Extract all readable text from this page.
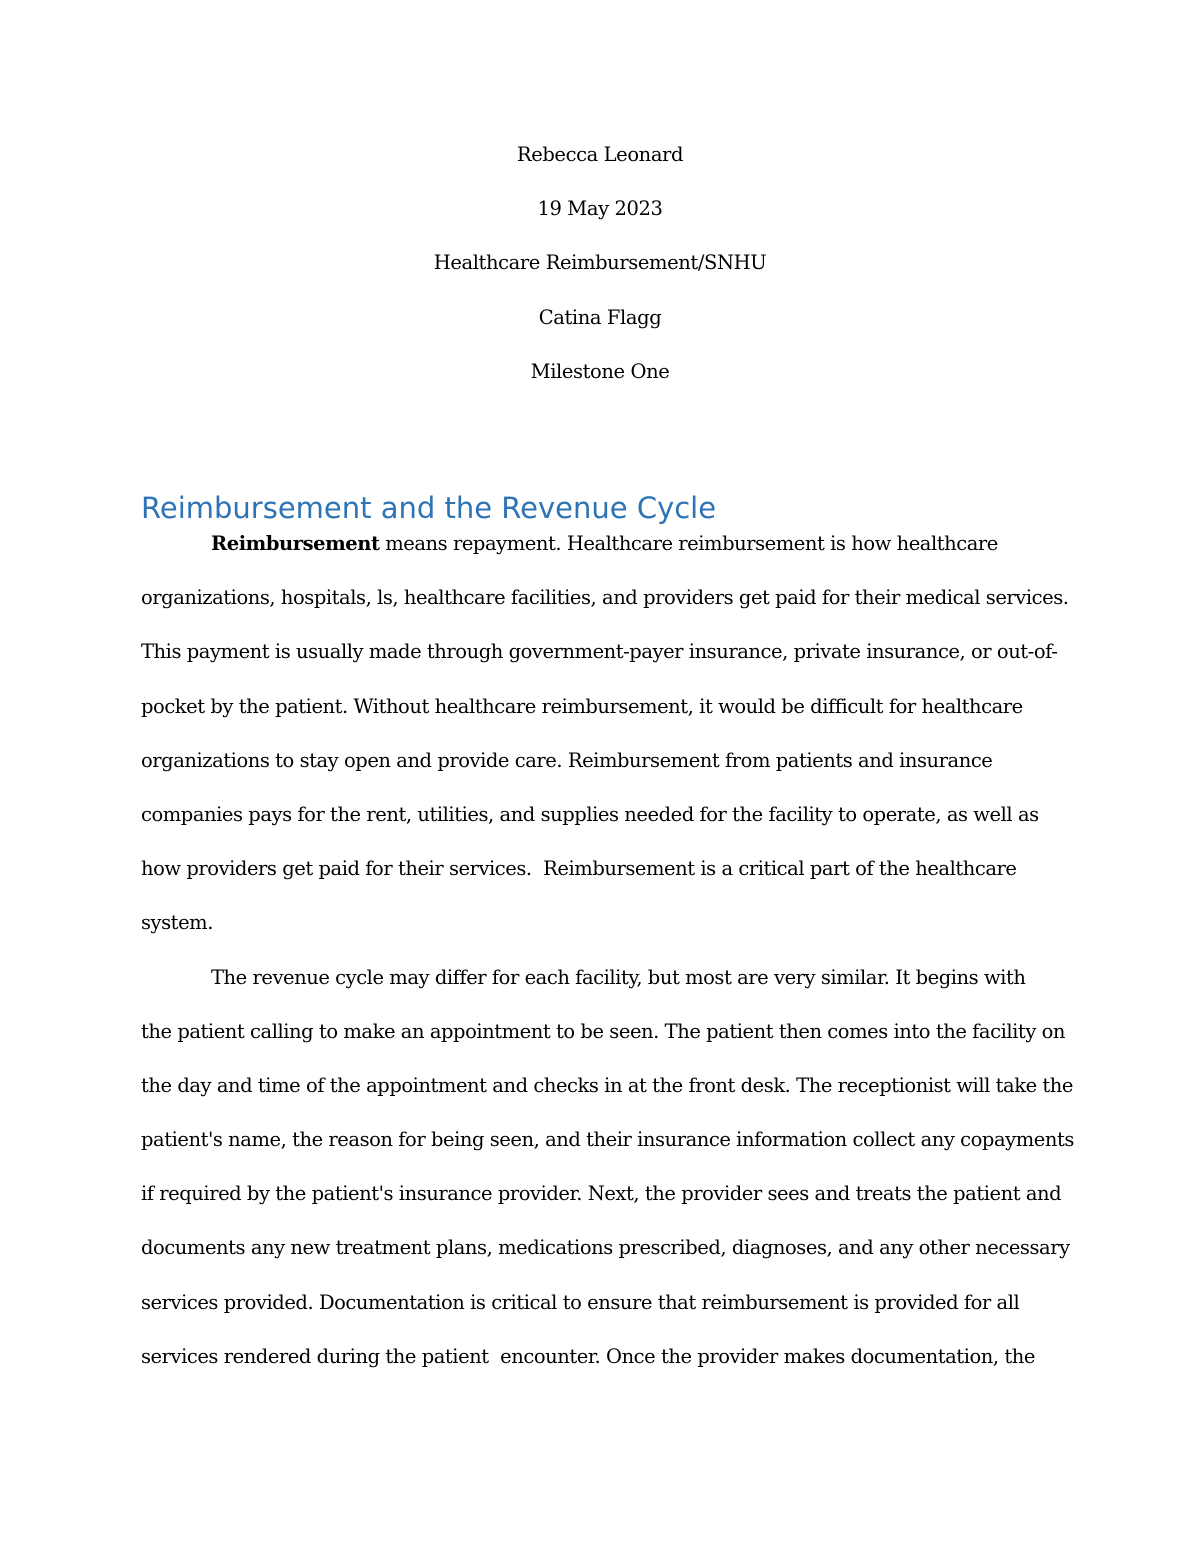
Rebecca Leonard
19 May 2023
Healthcare Reimbursement/SNHU
Catina Flagg
Milestone One
Reimbursement and the Revenue Cycle
Reimbursement means repayment. Healthcare reimbursement is how healthcare
organizations, hospitals, ls, healthcare facilities, and providers get paid for their medical services.
This payment is usually made through government-payer insurance, private insurance, or out-of-
pocket by the patient. Without healthcare reimbursement, it would be difficult for healthcare
organizations to stay open and provide care. Reimbursement from patients and insurance
companies pays for the rent, utilities, and supplies needed for the facility to operate, as well as
how providers get paid for their services.  Reimbursement is a critical part of the healthcare
system.
The revenue cycle may differ for each facility, but most are very similar. It begins with
the patient calling to make an appointment to be seen. The patient then comes into the facility on
the day and time of the appointment and checks in at the front desk. The receptionist will take the
patient's name, the reason for being seen, and their insurance information collect any copayments
if required by the patient's insurance provider. Next, the provider sees and treats the patient and
documents any new treatment plans, medications prescribed, diagnoses, and any other necessary
services provided. Documentation is critical to ensure that reimbursement is provided for all
services rendered during the patient  encounter. Once the provider makes documentation, the
